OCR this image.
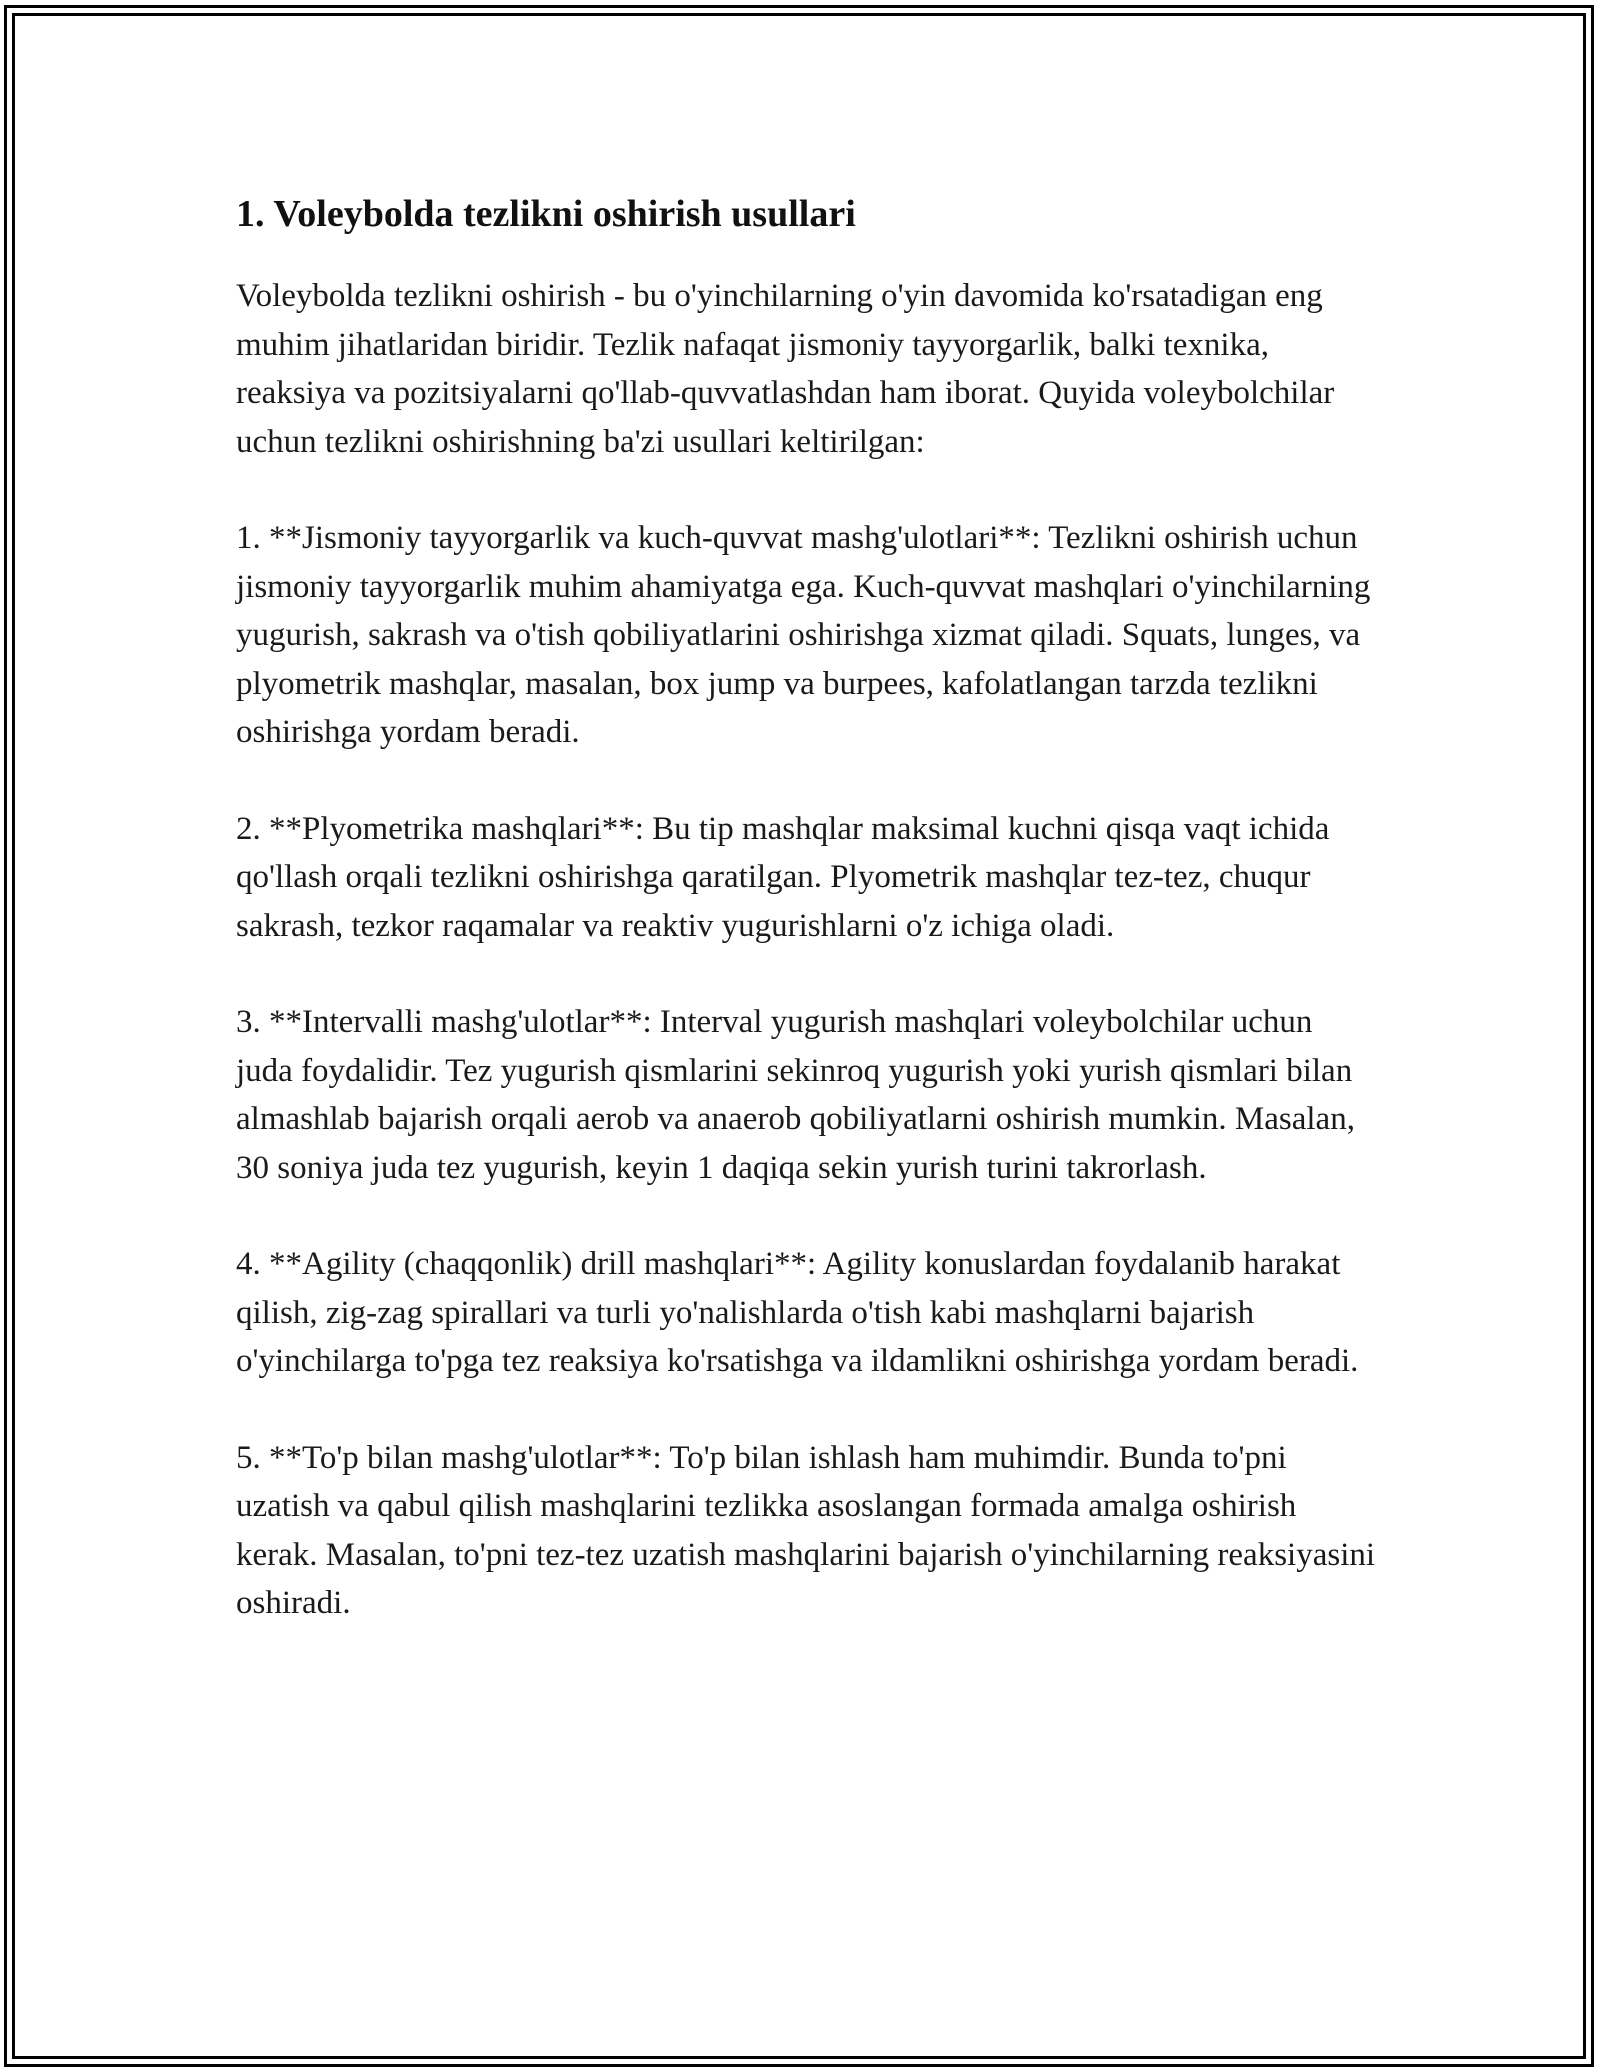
1. Voleybolda tezlikni oshirish usullari

Voleybolda tezlikni oshirish - bu o'yinchilarning o'yin davomida ko'rsatadigan eng muhim jihatlaridan biridir. Tezlik nafaqat jismoniy tayyorgarlik, balki texnika, reaksiya va pozitsiyalarni qo'llab-quvvatlashdan ham iborat. Quyida voleybolchilar uchun tezlikni oshirishning ba'zi usullari keltirilgan:

1. **Jismoniy tayyorgarlik va kuch-quvvat mashg'ulotlari**: Tezlikni oshirish uchun jismoniy tayyorgarlik muhim ahamiyatga ega. Kuch-quvvat mashqlari o'yinchilarning yugurish, sakrash va o'tish qobiliyatlarini oshirishga xizmat qiladi. Squats, lunges, va plyometrik mashqlar, masalan, box jump va burpees, kafolatlangan tarzda tezlikni oshirishga yordam beradi.

2. **Plyometrika mashqlari**: Bu tip mashqlar maksimal kuchni qisqa vaqt ichida qo'llash orqali tezlikni oshirishga qaratilgan. Plyometrik mashqlar tez-tez, chuqur sakrash, tezkor raqamalar va reaktiv yugurishlarni o'z ichiga oladi.

3. **Intervalli mashg'ulotlar**: Interval yugurish mashqlari voleybolchilar uchun juda foydalidir. Tez yugurish qismlarini sekinroq yugurish yoki yurish qismlari bilan almashlab bajarish orqali aerob va anaerob qobiliyatlarni oshirish mumkin. Masalan, 30 soniya juda tez yugurish, keyin 1 daqiqa sekin yurish turini takrorlash.

4. **Agility (chaqqonlik) drill mashqlari**: Agility konuslardan foydalanib harakat qilish, zig-zag spirallari va turli yo'nalishlarda o'tish kabi mashqlarni bajarish o'yinchilarga to'pga tez reaksiya ko'rsatishga va ildamlikni oshirishga yordam beradi.

5. **To'p bilan mashg'ulotlar**: To'p bilan ishlash ham muhimdir. Bunda to'pni uzatish va qabul qilish mashqlarini tezlikka asoslangan formada amalga oshirish kerak. Masalan, to'pni tez-tez uzatish mashqlarini bajarish o'yinchilarning reaksiyasini oshiradi.
